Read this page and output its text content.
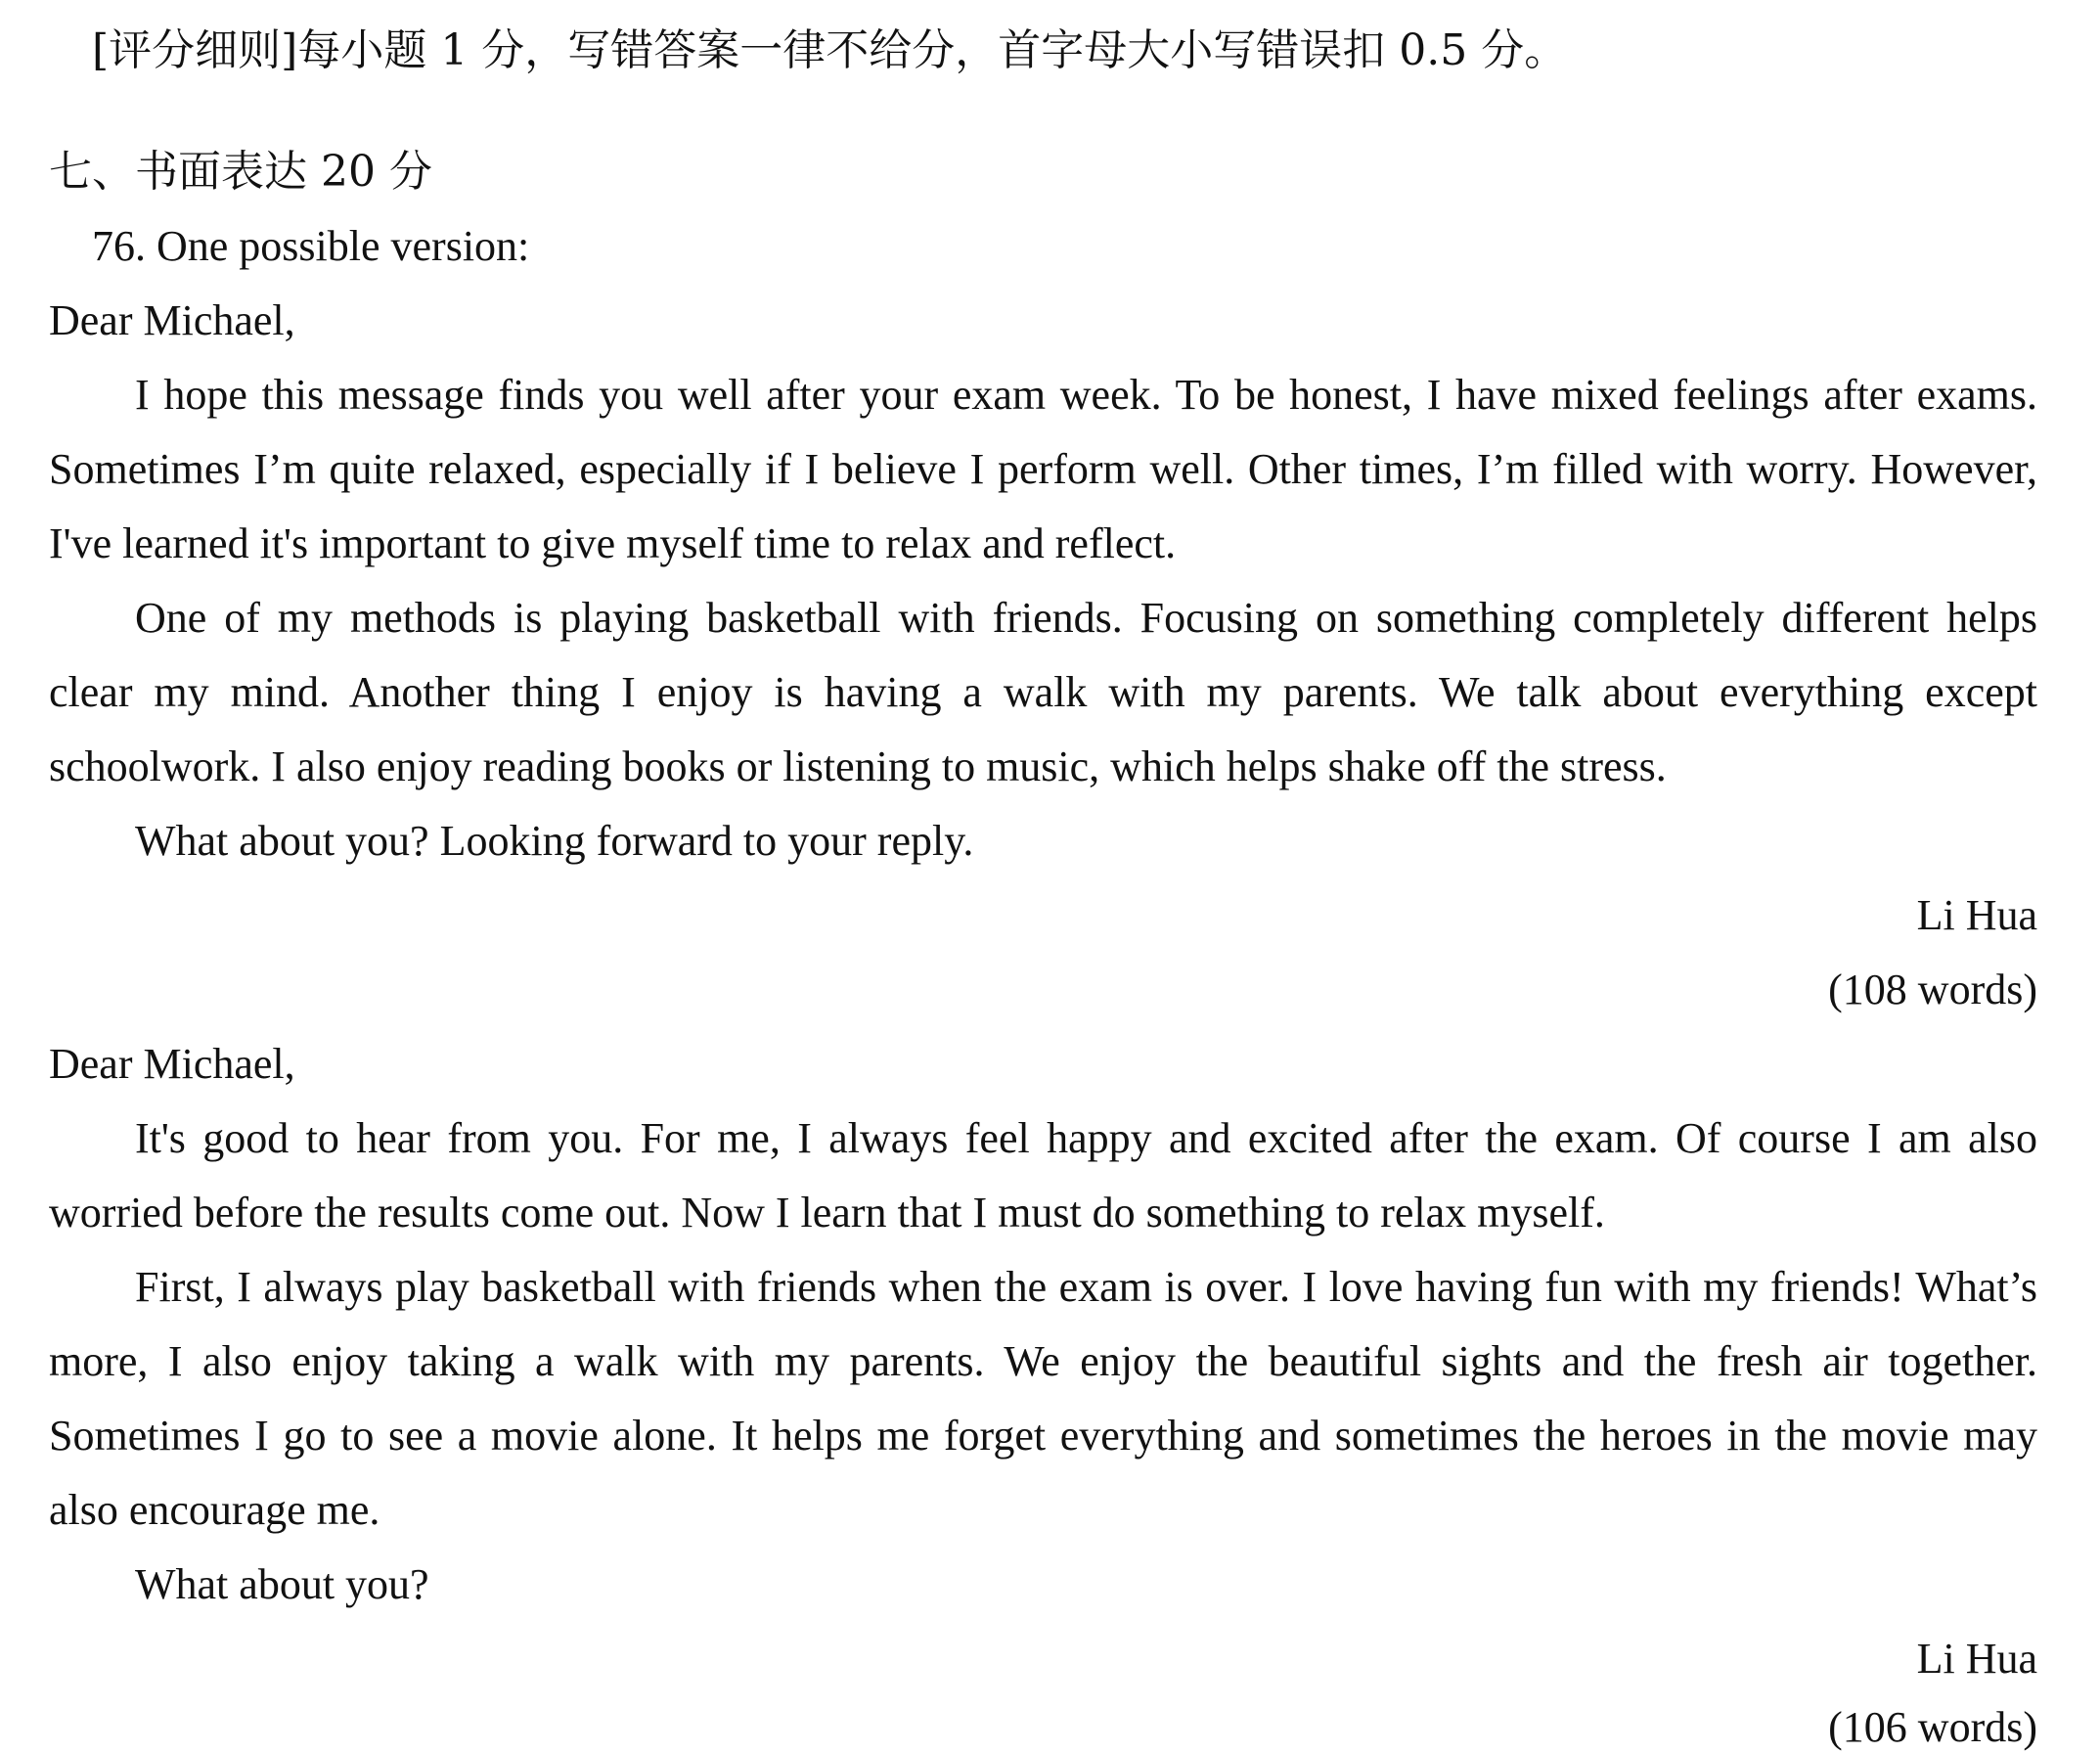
[评分细则]每小题 1 分，写错答案一律不给分，首字母大小写错误扣 0.5 分。
七、书面表达 20 分
76. One possible version:
Dear Michael,
I hope this message finds you well after your exam week. To be honest, I have mixed feelings after exams.
Sometimes I’m quite relaxed, especially if I believe I perform well. Other times, I’m filled with worry. However,
I've learned it's important to give myself time to relax and reflect.
One of my methods is playing basketball with friends. Focusing on something completely different helps
clear my mind. Another thing I enjoy is having a walk with my parents. We talk about everything except
schoolwork. I also enjoy reading books or listening to music, which helps shake off the stress.
What about you? Looking forward to your reply.
Li Hua
(108 words)
Dear Michael,
It's good to hear from you. For me, I always feel happy and excited after the exam. Of course I am also
worried before the results come out. Now I learn that I must do something to relax myself.
First, I always play basketball with friends when the exam is over. I love having fun with my friends! What’s
more, I also enjoy taking a walk with my parents. We enjoy the beautiful sights and the fresh air together.
Sometimes I go to see a movie alone. It helps me forget everything and sometimes the heroes in the movie may
also encourage me.
What about you?
Li Hua
(106 words)
